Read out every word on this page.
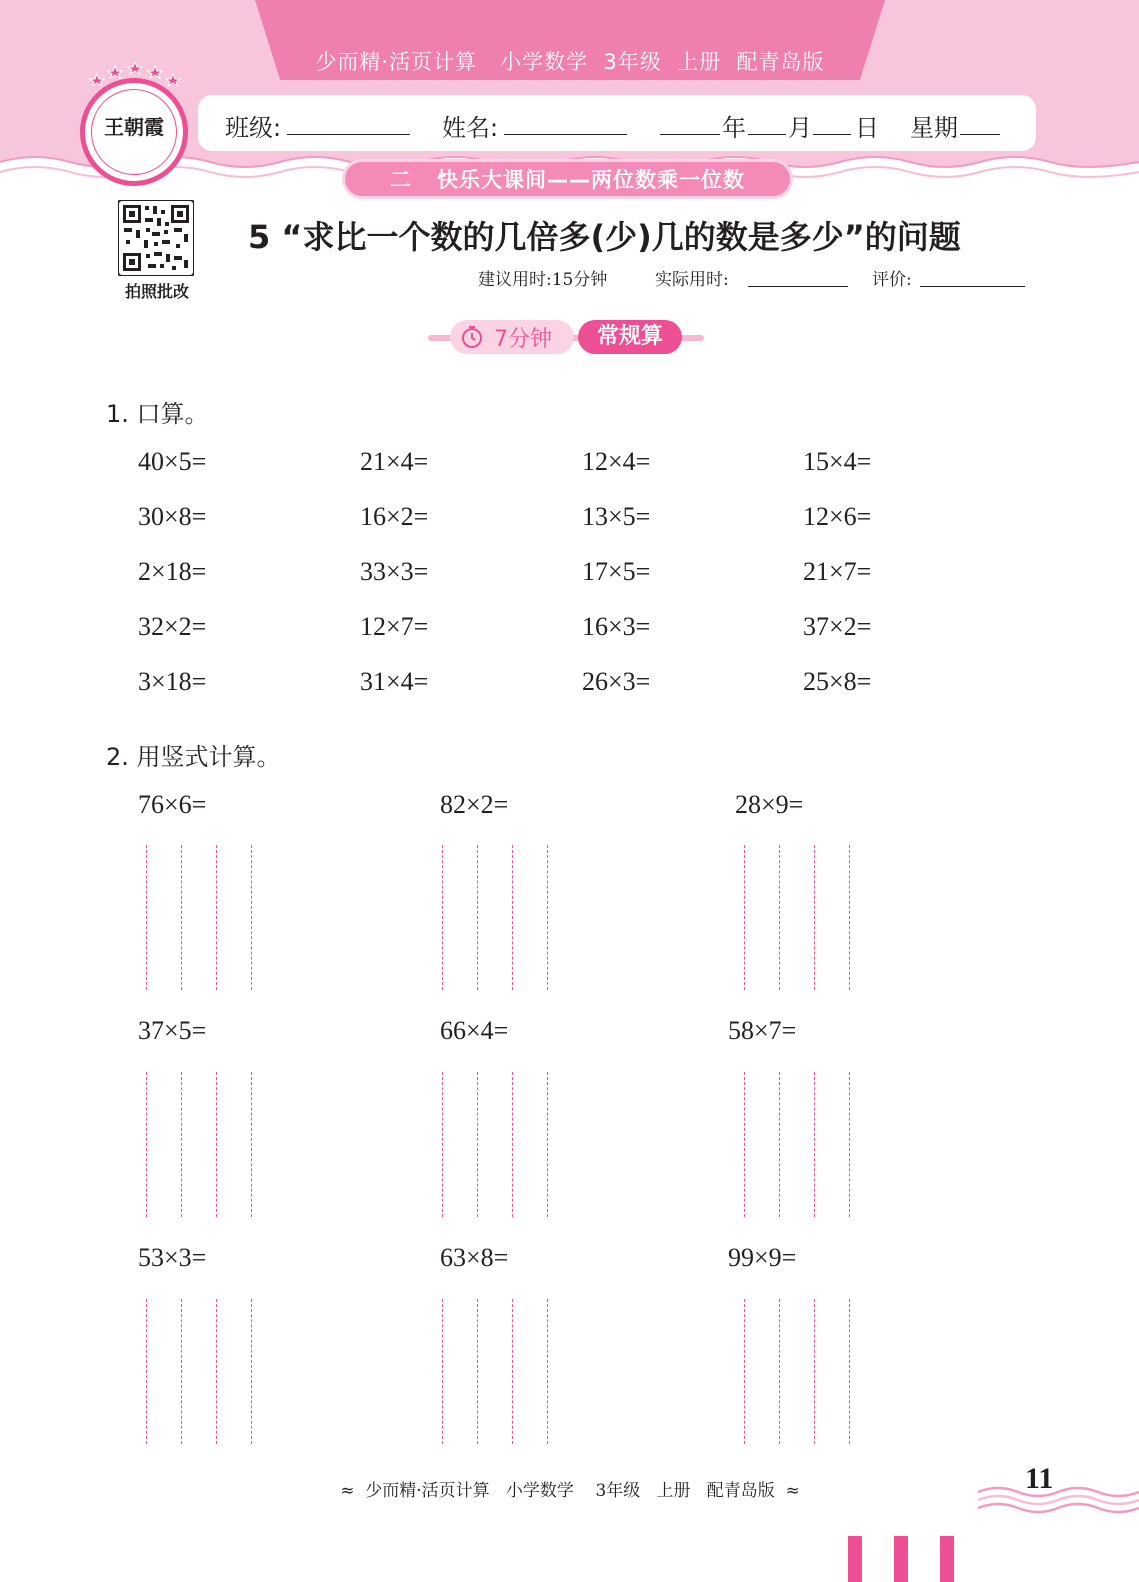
少而精·活页计算   小学数学  3年级  上册  配青岛版
班级:	姓名:	年 月 日 星期
二   快乐大课间——两位数乘一位数
王朝霞
拍照批改
5 “求比一个数的几倍多(少)几的数是多少”的问题
建议用时:15分钟	实际用时:	评价:
7分钟	常规算
1. 口算。
40×5=	21×4=	12×4=	15×4=
30×8=	16×2=	13×5=	12×6=
2×18=	33×3=	17×5=	21×7=
32×2=	12×7=	16×3=	37×2=
3×18=	31×4=	26×3=	25×8=
2. 用竖式计算。
76×6=	82×2=	28×9=
37×5=	66×4=	58×7=
53×3=	63×8=	99×9=
≈  少而精·活页计算   小学数学    3年级   上册   配青岛版  ≈	11
